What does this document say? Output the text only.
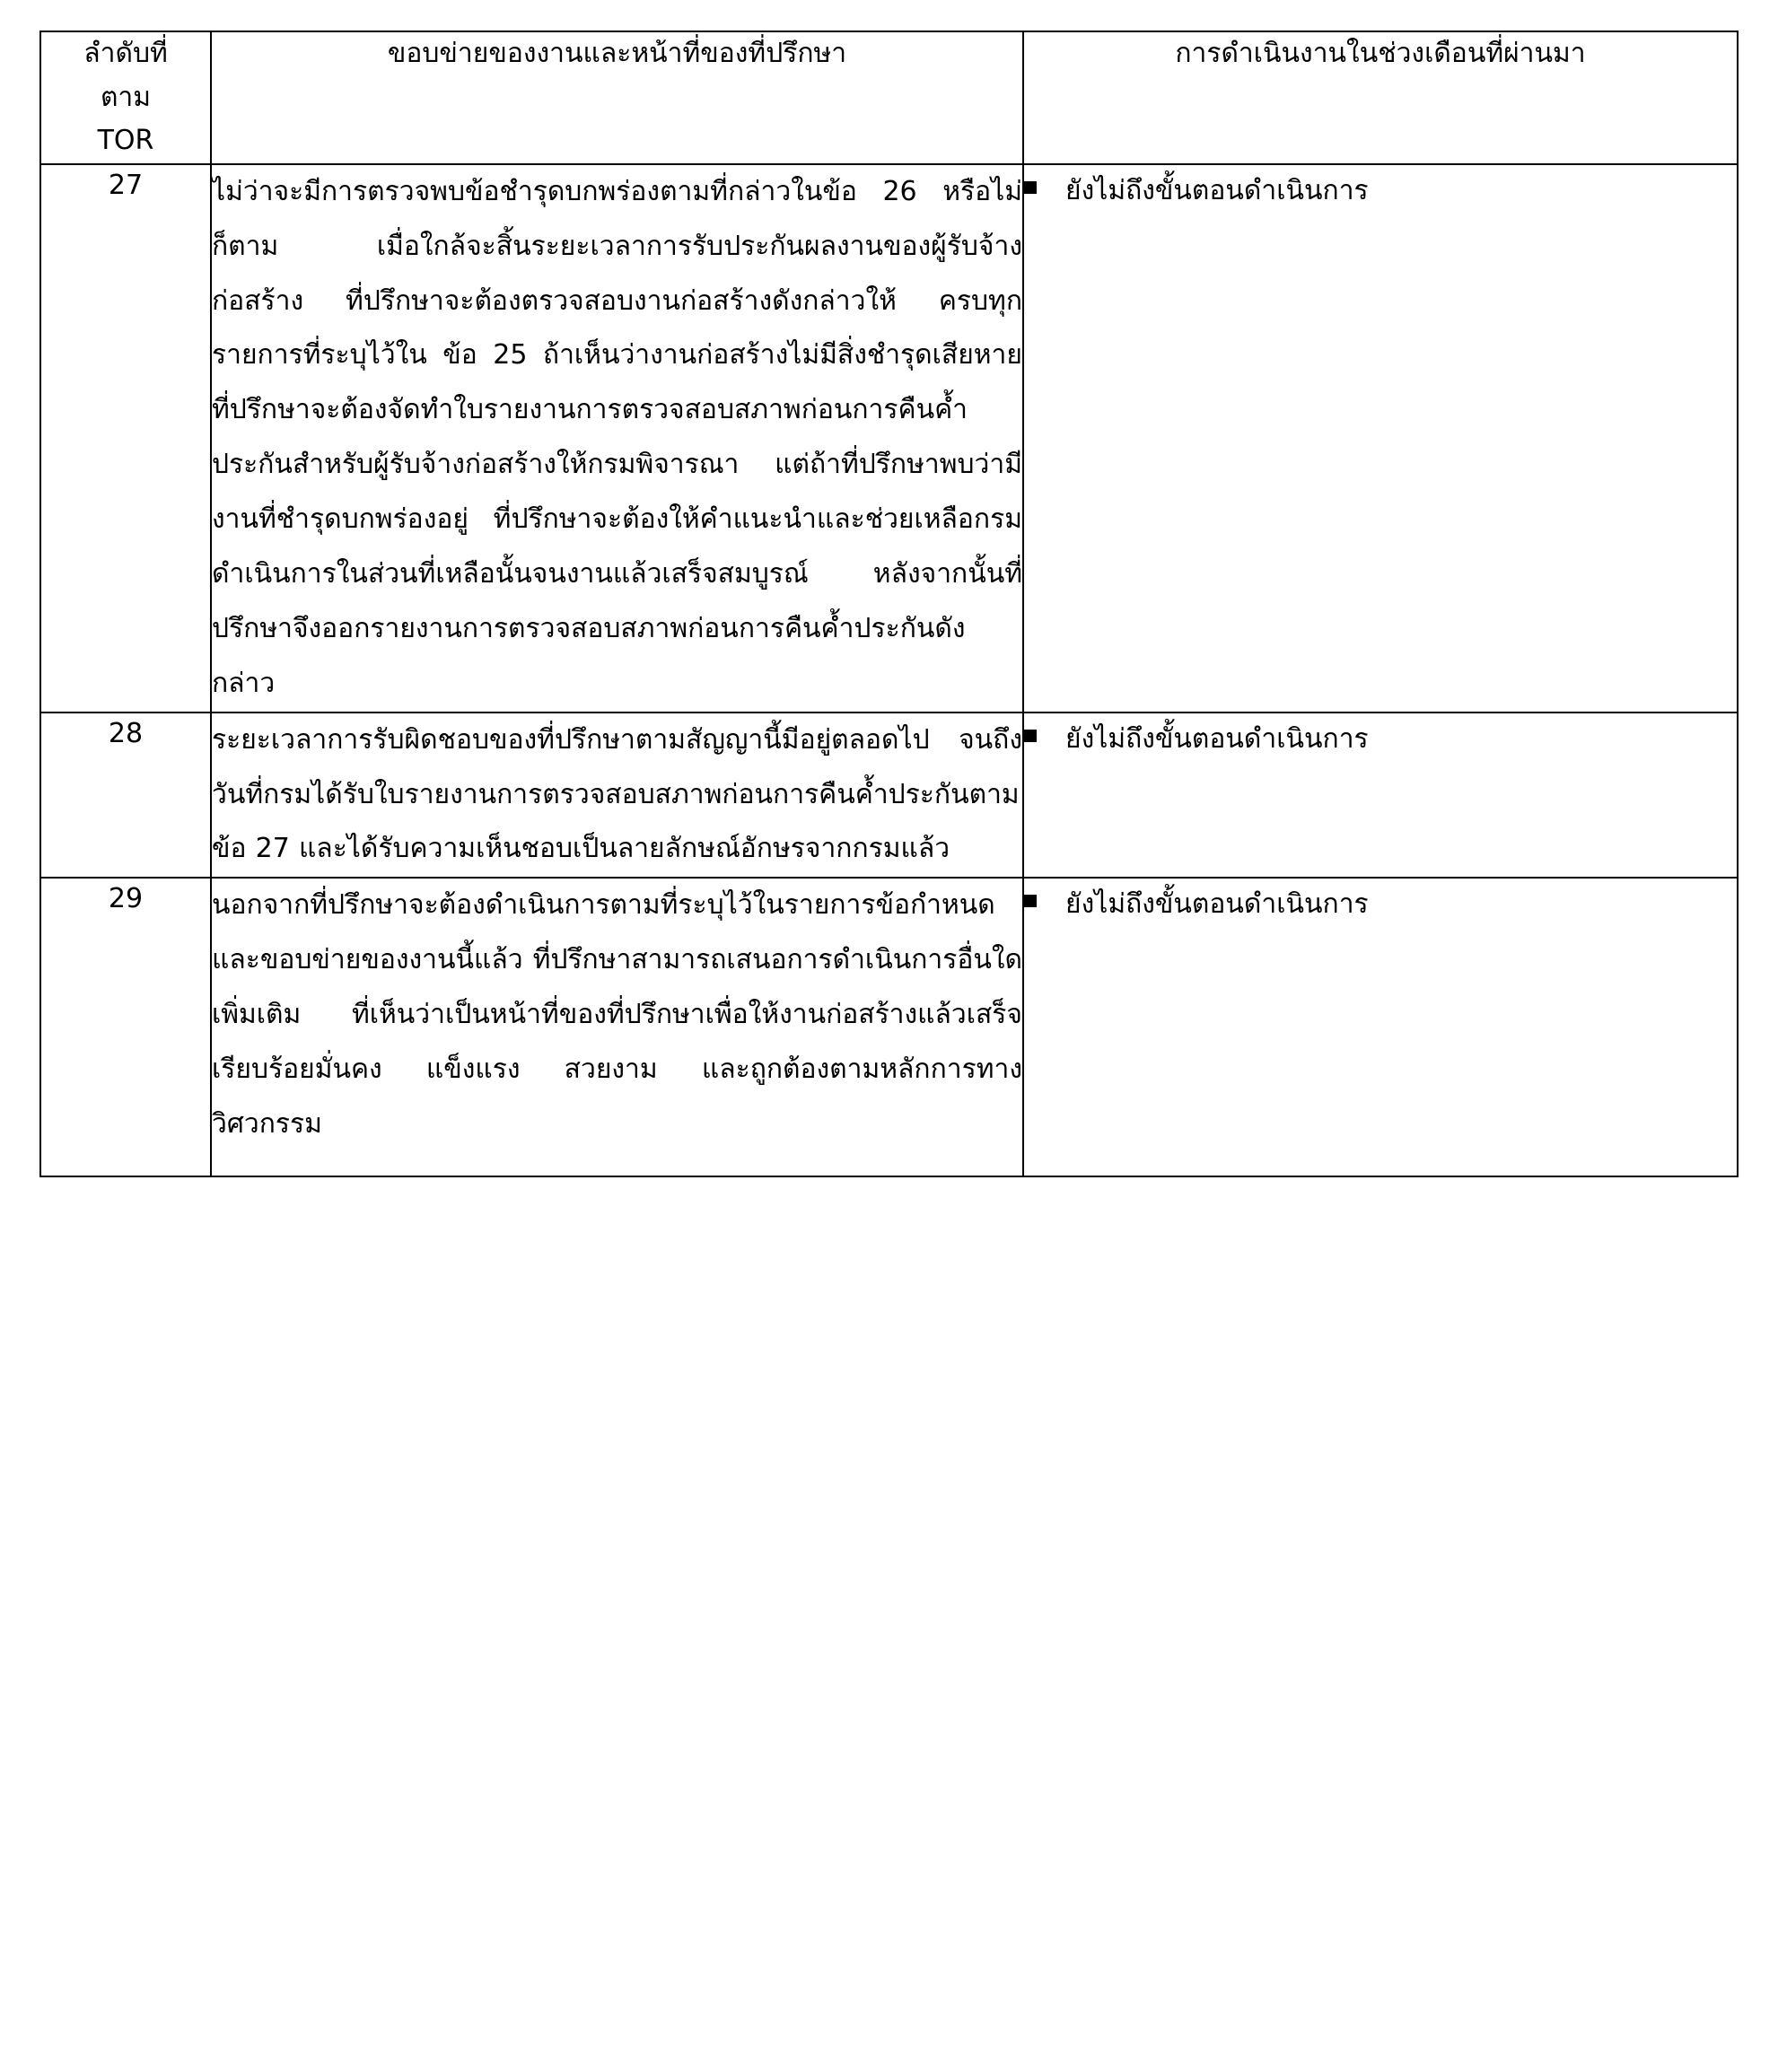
ลำดับที่
ตาม
TOR	ขอบข่ายของงานและหน้าที่ของที่ปรึกษา	การดำเนินงานในช่วงเดือนที่ผ่านมา
27	ไม่ว่าจะมีการตรวจพบข้อชำรุดบกพร่องตามที่กล่าวในข้อ 26 หรือไม่ก็ตาม เมื่อใกล้จะสิ้นระยะเวลาการรับประกันผลงานของผู้รับจ้างก่อสร้าง ที่ปรึกษาจะต้องตรวจสอบงานก่อสร้างดังกล่าวให้ ครบทุกรายการที่ระบุไว้ใน ข้อ 25 ถ้าเห็นว่างานก่อสร้างไม่มีสิ่งชำรุดเสียหาย ที่ปรึกษาจะต้องจัดทำใบรายงานการตรวจสอบสภาพก่อนการคืนค้ำประกันสำหรับผู้รับจ้างก่อสร้างให้กรมพิจารณา แต่ถ้าที่ปรึกษาพบว่ามีงานที่ชำรุดบกพร่องอยู่ ที่ปรึกษาจะต้องให้คำแนะนำและช่วยเหลือกรมดำเนินการในส่วนที่เหลือนั้นจนงานแล้วเสร็จสมบูรณ์ หลังจากนั้นที่ปรึกษาจึงออกรายงานการตรวจสอบสภาพก่อนการคืนค้ำประกันดังกล่าว	ยังไม่ถึงขั้นตอนดำเนินการ

28	ระยะเวลาการรับผิดชอบของที่ปรึกษาตามสัญญานี้มีอยู่ตลอดไป จนถึงวันที่กรมได้รับใบรายงานการตรวจสอบสภาพก่อนการคืนค้ำประกันตามข้อ 27 และได้รับความเห็นชอบเป็นลายลักษณ์อักษรจากกรมแล้ว	ยังไม่ถึงขั้นตอนดำเนินการ

29	นอกจากที่ปรึกษาจะต้องดำเนินการตามที่ระบุไว้ในรายการข้อกำหนดและขอบข่ายของงานนี้แล้ว ที่ปรึกษาสามารถเสนอการดำเนินการอื่นใดเพิ่มเติม ที่เห็นว่าเป็นหน้าที่ของที่ปรึกษาเพื่อให้งานก่อสร้างแล้วเสร็จเรียบร้อยมั่นคง แข็งแรง สวยงาม และถูกต้องตามหลักการทางวิศวกรรม	ยังไม่ถึงขั้นตอนดำเนินการ
